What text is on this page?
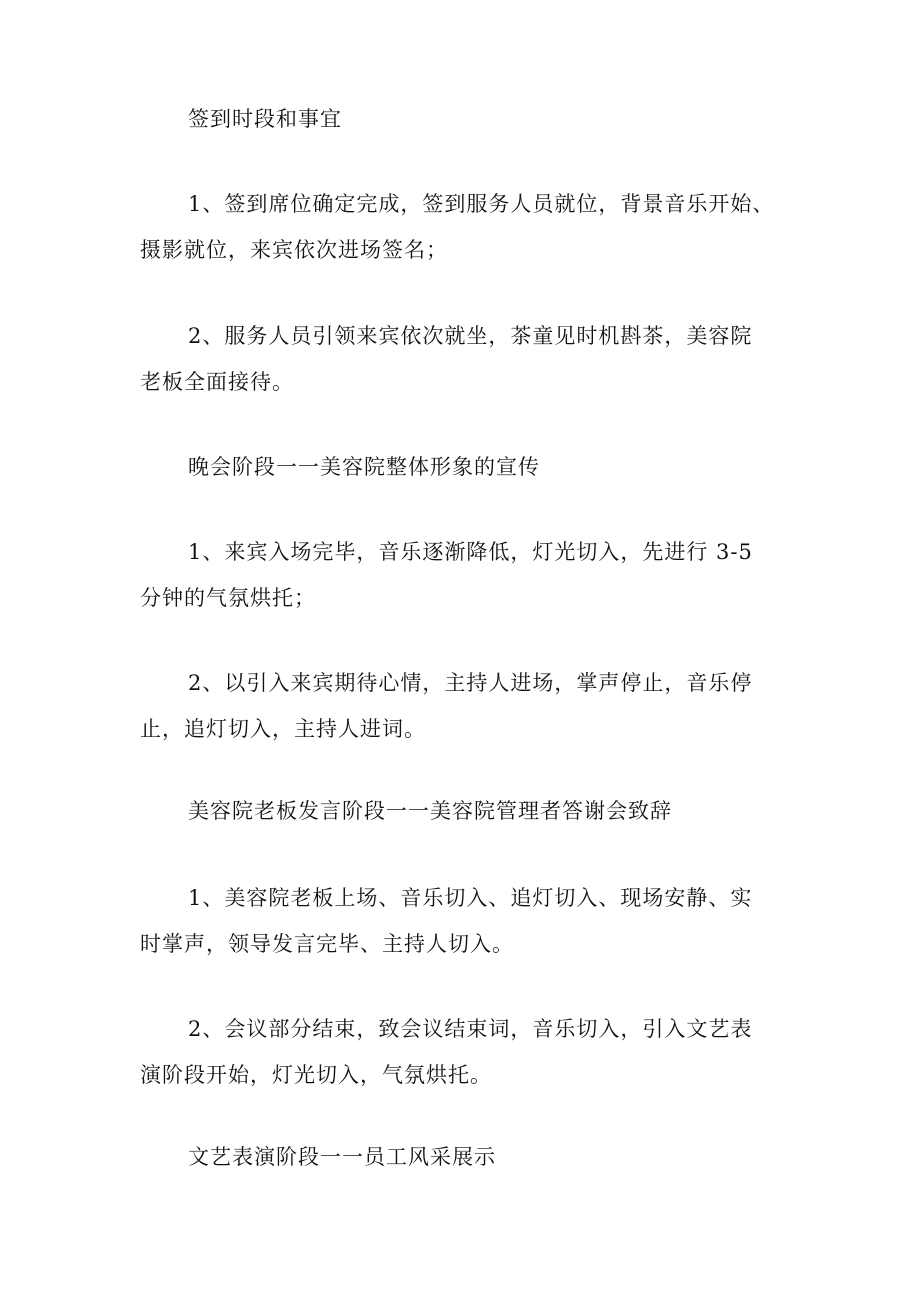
签到时段和事宜
1、签到席位确定完成，签到服务人员就位，背景音乐开始、
摄影就位，来宾依次进场签名；
2、服务人员引领来宾依次就坐，茶童见时机斟茶，美容院
老板全面接待。
晚会阶段一一美容院整体形象的宣传
1、来宾入场完毕，音乐逐渐降低，灯光切入，先进行 3-5
分钟的气氛烘托；
2、以引入来宾期待心情，主持人进场，掌声停止，音乐停
止，追灯切入，主持人进词。
美容院老板发言阶段一一美容院管理者答谢会致辞
1、美容院老板上场、音乐切入、追灯切入、现场安静、实
时掌声，领导发言完毕、主持人切入。
2、会议部分结束，致会议结束词，音乐切入，引入文艺表
演阶段开始，灯光切入，气氛烘托。
文艺表演阶段一一员工风采展示
